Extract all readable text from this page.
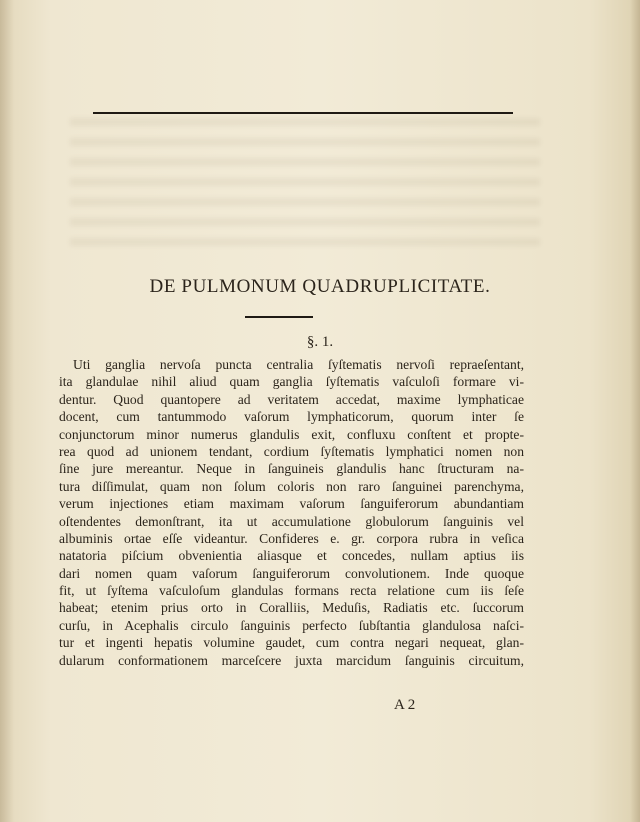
DE PULMONUM QUADRUPLICITATE.
§. 1.
Uti ganglia nervoſa puncta centralia ſyſtematis nervoſi repraeſentant,
ita glandulae nihil aliud quam ganglia ſyſtematis vaſculoſi formare vi-
dentur. Quod quantopere ad veritatem accedat, maxime lymphaticae
docent, cum tantummodo vaſorum lymphaticorum, quorum inter ſe
conjunctorum minor numerus glandulis exit, confluxu conſtent et propte-
rea quod ad unionem tendant, cordium ſyſtematis lymphatici nomen non
ſine jure mereantur. Neque in ſanguineis glandulis hanc ſtructuram na-
tura diſſimulat, quam non ſolum coloris non raro ſanguinei parenchyma,
verum injectiones etiam maximam vaſorum ſanguiferorum abundantiam
oſtendentes demonſtrant, ita ut accumulatione globulorum ſanguinis vel
albuminis ortae eſſe videantur. Confideres e. gr. corpora rubra in veſica
natatoria piſcium obvenientia aliasque et concedes, nullam aptius iis
dari nomen quam vaſorum ſanguiferorum convolutionem. Inde quoque
fit, ut ſyſtema vaſculoſum glandulas formans recta relatione cum iis ſeſe
habeat; etenim prius orto in Coralliis, Meduſis, Radiatis etc. ſuccorum
curſu, in Acephalis circulo ſanguinis perfecto ſubſtantia glandulosa naſci-
tur et ingenti hepatis volumine gaudet, cum contra negari nequeat, glan-
dularum conformationem marceſcere juxta marcidum ſanguinis circuitum,
A 2
